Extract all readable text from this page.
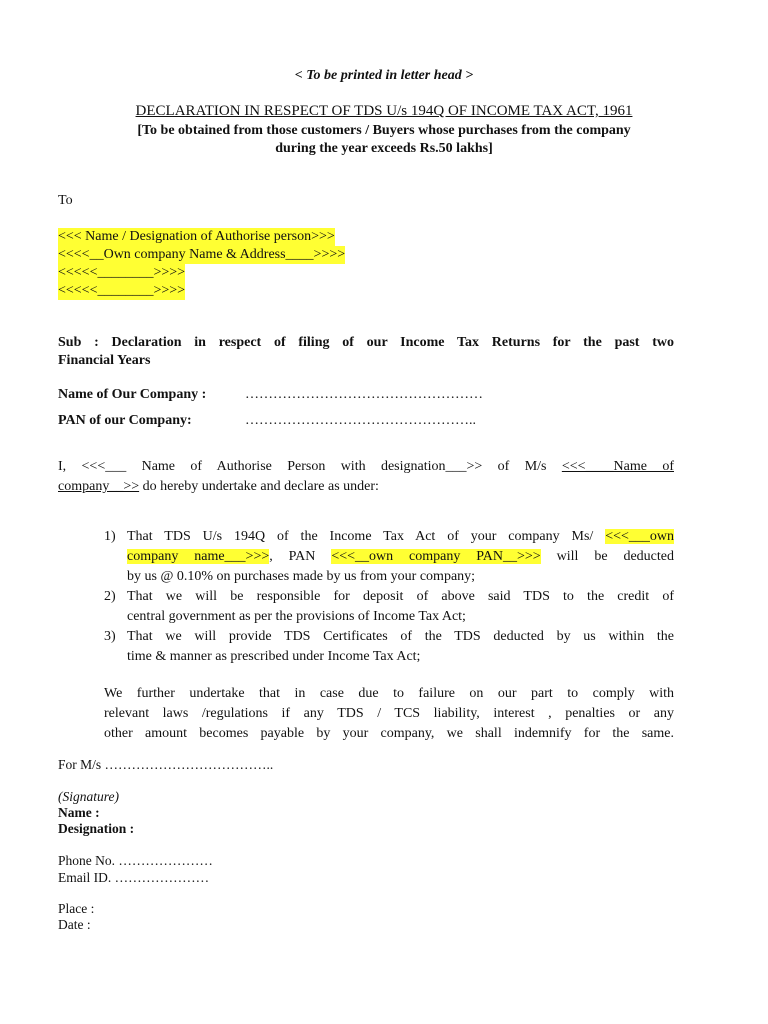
< To be printed in letter head >
DECLARATION IN RESPECT OF TDS U/s 194Q OF INCOME TAX ACT, 1961
[To be obtained from those customers / Buyers whose purchases from the company
during the year exceeds Rs.50 lakhs]
To
<<< Name / Designation of Authorise person>>>
<<<<__Own company Name & Address____>>>>
<<<<<________>>>>
<<<<<________>>>>
Sub : Declaration in respect of filing of our Income Tax Returns for the past two
Financial Years
Name of Our Company :	……………………………………………
PAN of our Company:	…………………………………………..
I, <<<___ Name of Authorise Person with designation___>> of M/s <<<____Name of
company__>> do hereby undertake and declare as under:
1) That TDS U/s 194Q of the Income Tax Act of your company Ms/ <<<___own
company name___>>>, PAN <<<__own company PAN__>>> will be deducted
by us @ 0.10% on purchases made by us from your company;
2) That we will be responsible for deposit of above said TDS to the credit of
central government as per the provisions of Income Tax Act;
3) That we will provide TDS Certificates of the TDS deducted by us within the
time & manner as prescribed under Income Tax Act;
We further undertake that in case due to failure on our part to comply with
relevant laws /regulations if any TDS / TCS liability, interest , penalties or any
other amount becomes payable by your company, we shall indemnify for the same.
For M/s ………………………………..
(Signature)
Name :
Designation :
Phone No. …………………
Email ID. …………………
Place :
Date :
